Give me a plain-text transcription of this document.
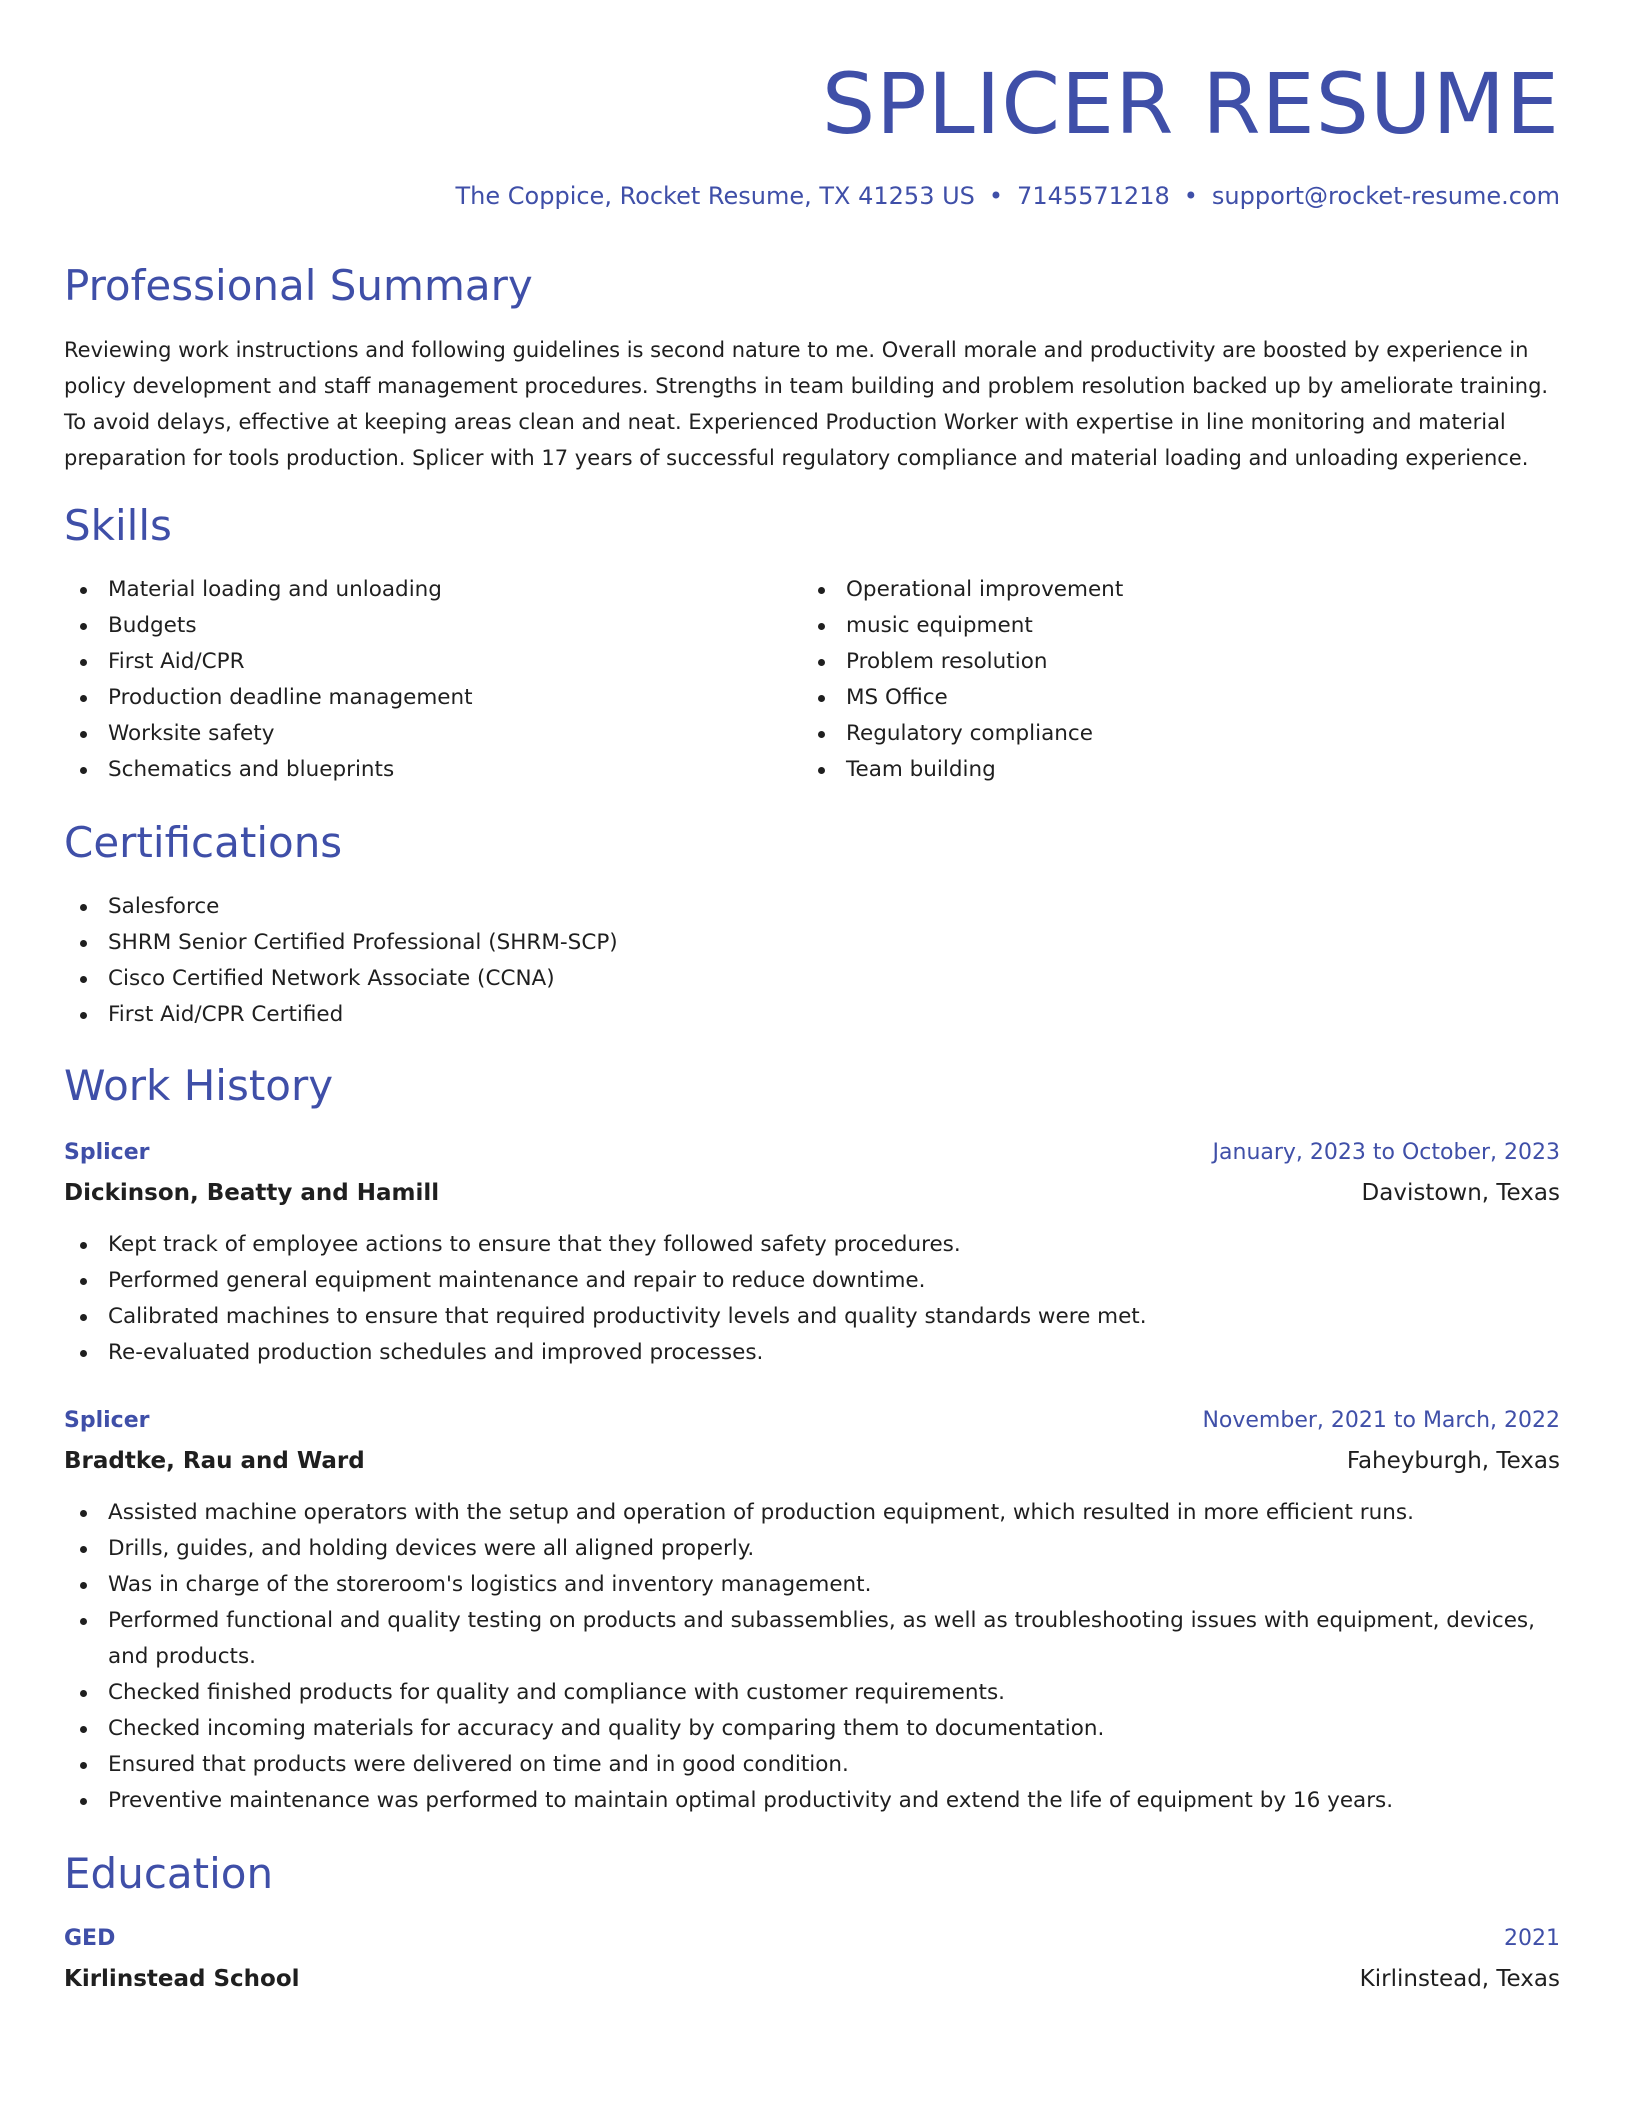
SPLICER RESUME
The Coppice, Rocket Resume, TX 41253 US • 7145571218 • support@rocket-resume.com
Professional Summary

Reviewing work instructions and following guidelines is second nature to me. Overall morale and productivity are boosted by experience in policy development and staff management procedures. Strengths in team building and problem resolution backed up by ameliorate training. To avoid delays, effective at keeping areas clean and neat. Experienced Production Worker with expertise in line monitoring and material preparation for tools production. Splicer with 17 years of successful regulatory compliance and material loading and unloading experience.

Skills
Material loading and unloading
Budgets
First Aid/CPR
Production deadline management
Worksite safety
Schematics and blueprints
Operational improvement
music equipment
Problem resolution
MS Office
Regulatory compliance
Team building
Certifications
Salesforce
SHRM Senior Certified Professional (SHRM-SCP)
Cisco Certified Network Associate (CCNA)
First Aid/CPR Certified
Work History
Splicer	January, 2023 to October, 2023
Dickinson, Beatty and Hamill	Davistown, Texas
Kept track of employee actions to ensure that they followed safety procedures.
Performed general equipment maintenance and repair to reduce downtime.
Calibrated machines to ensure that required productivity levels and quality standards were met.
Re-evaluated production schedules and improved processes.
Splicer	November, 2021 to March, 2022
Bradtke, Rau and Ward	Faheyburgh, Texas
Assisted machine operators with the setup and operation of production equipment, which resulted in more efficient runs.
Drills, guides, and holding devices were all aligned properly.
Was in charge of the storeroom's logistics and inventory management.
Performed functional and quality testing on products and subassemblies, as well as troubleshooting issues with equipment, devices, and products.
Checked finished products for quality and compliance with customer requirements.
Checked incoming materials for accuracy and quality by comparing them to documentation.
Ensured that products were delivered on time and in good condition.
Preventive maintenance was performed to maintain optimal productivity and extend the life of equipment by 16 years.
Education
GED	2021
Kirlinstead School	Kirlinstead, Texas
